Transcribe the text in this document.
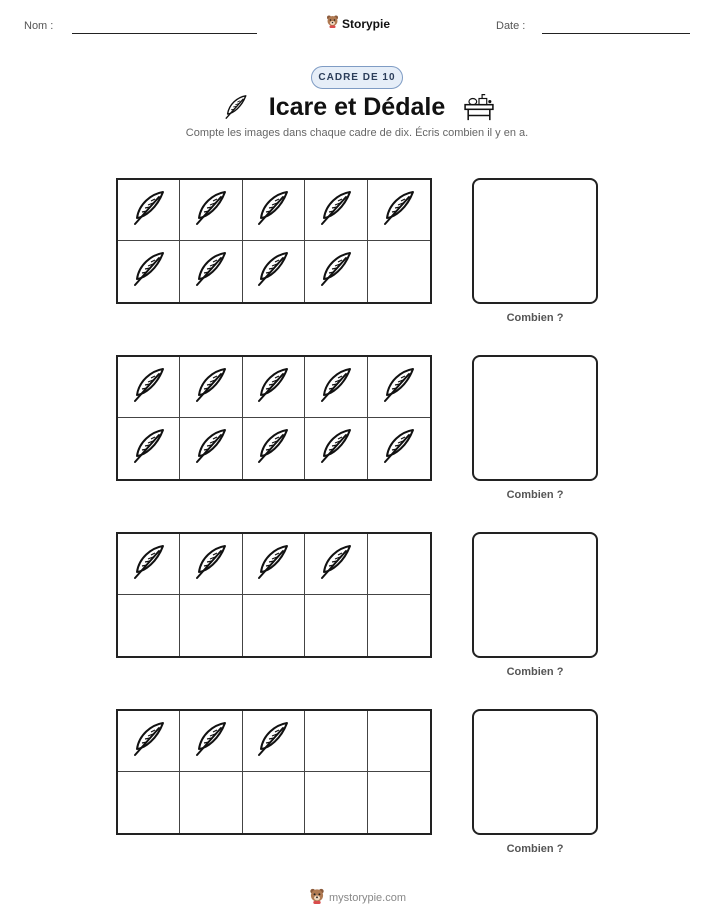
Nom :	Storypie	Date :
CADRE DE 10
Icare et Dédale
Compte les images dans chaque cadre de dix. Écris combien il y en a.
Combien ?
Combien ?
Combien ?
Combien ?
mystorypie.com
